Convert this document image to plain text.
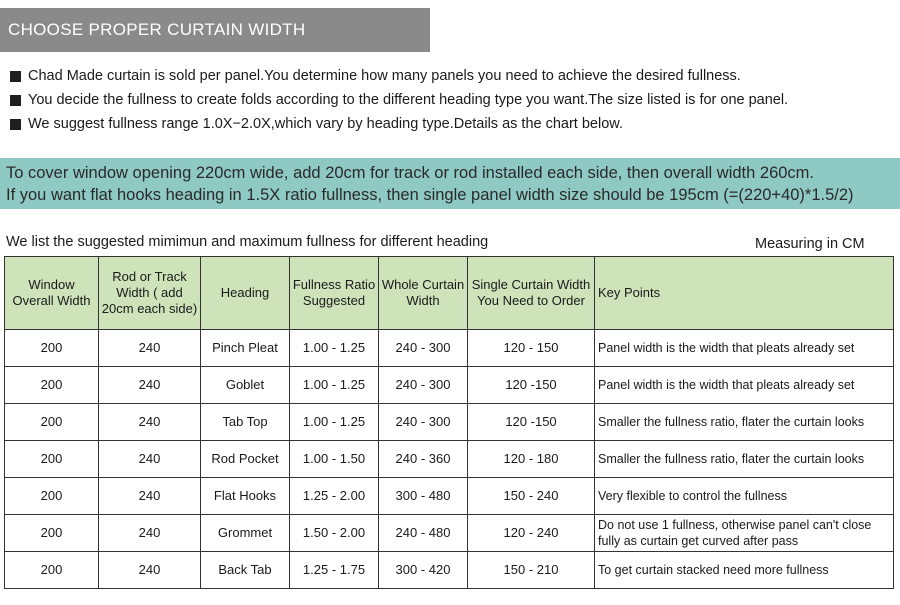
CHOOSE PROPER CURTAIN WIDTH
Chad Made curtain is sold per panel.You determine how many panels you need to achieve the desired fullness.
You decide the fullness to create folds according to the different heading type you want.The size listed is for one panel.
We suggest fullness range 1.0X−2.0X,which vary by heading type.Details as the chart below.
To cover window opening 220cm wide, add 20cm for track or rod installed each side, then overall width 260cm.
If you want flat hooks heading in 1.5X ratio fullness, then single panel width size should be 195cm (=(220+40)*1.5/2)
We list the suggested mimimun and maximum fullness for different heading	Measuring in CM
Window Overall Width	Rod or Track Width ( add 20cm each side)	Heading	Fullness Ratio Suggested	Whole Curtain Width	Single Curtain Width You Need to Order	Key Points
200	240	Pinch Pleat	1.00 - 1.25	240 - 300	120 - 150	Panel width is the width that pleats already set
200	240	Goblet	1.00 - 1.25	240 - 300	120 -150	Panel width is the width that pleats already set
200	240	Tab Top	1.00 - 1.25	240 - 300	120 -150	Smaller the fullness ratio, flater the curtain looks
200	240	Rod Pocket	1.00 - 1.50	240 - 360	120 - 180	Smaller the fullness ratio, flater the curtain looks
200	240	Flat Hooks	1.25 - 2.00	300 - 480	150 - 240	Very flexible to control the fullness
200	240	Grommet	1.50 - 2.00	240 - 480	120 - 240	Do not use 1 fullness, otherwise panel can't close fully as curtain get curved after pass
200	240	Back Tab	1.25 - 1.75	300 - 420	150 - 210	To get curtain stacked need more fullness
